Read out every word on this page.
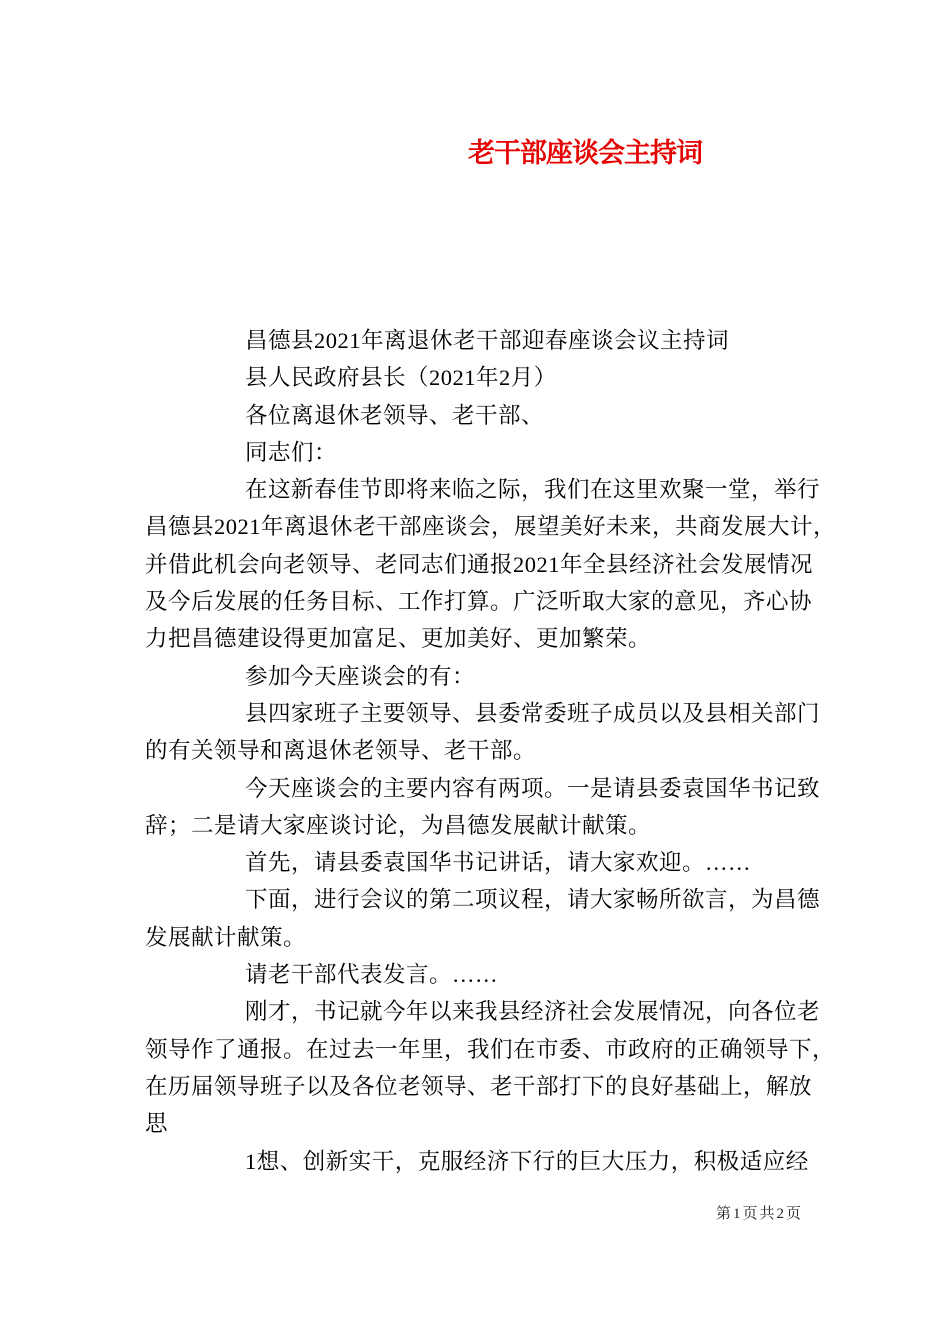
老干部座谈会主持词
昌德县2021年离退休老干部迎春座谈会议主持词
县人民政府县长（2021年2月）
各位离退休老领导、老干部、
同志们：
在这新春佳节即将来临之际，我们在这里欢聚一堂，举行
昌德县2021年离退休老干部座谈会，展望美好未来，共商发展大计，
并借此机会向老领导、老同志们通报2021年全县经济社会发展情况
及今后发展的任务目标、工作打算。广泛听取大家的意见，齐心协
力把昌德建设得更加富足、更加美好、更加繁荣。
参加今天座谈会的有：
县四家班子主要领导、县委常委班子成员以及县相关部门
的有关领导和离退休老领导、老干部。
今天座谈会的主要内容有两项。一是请县委袁国华书记致
辞；二是请大家座谈讨论，为昌德发展献计献策。
首先，请县委袁国华书记讲话，请大家欢迎。……
下面，进行会议的第二项议程，请大家畅所欲言，为昌德
发展献计献策。
请老干部代表发言。……
刚才，书记就今年以来我县经济社会发展情况，向各位老
领导作了通报。在过去一年里，我们在市委、市政府的正确领导下，
在历届领导班子以及各位老领导、老干部打下的良好基础上，解放
思
1想、创新实干，克服经济下行的巨大压力，积极适应经
第1页共2页
